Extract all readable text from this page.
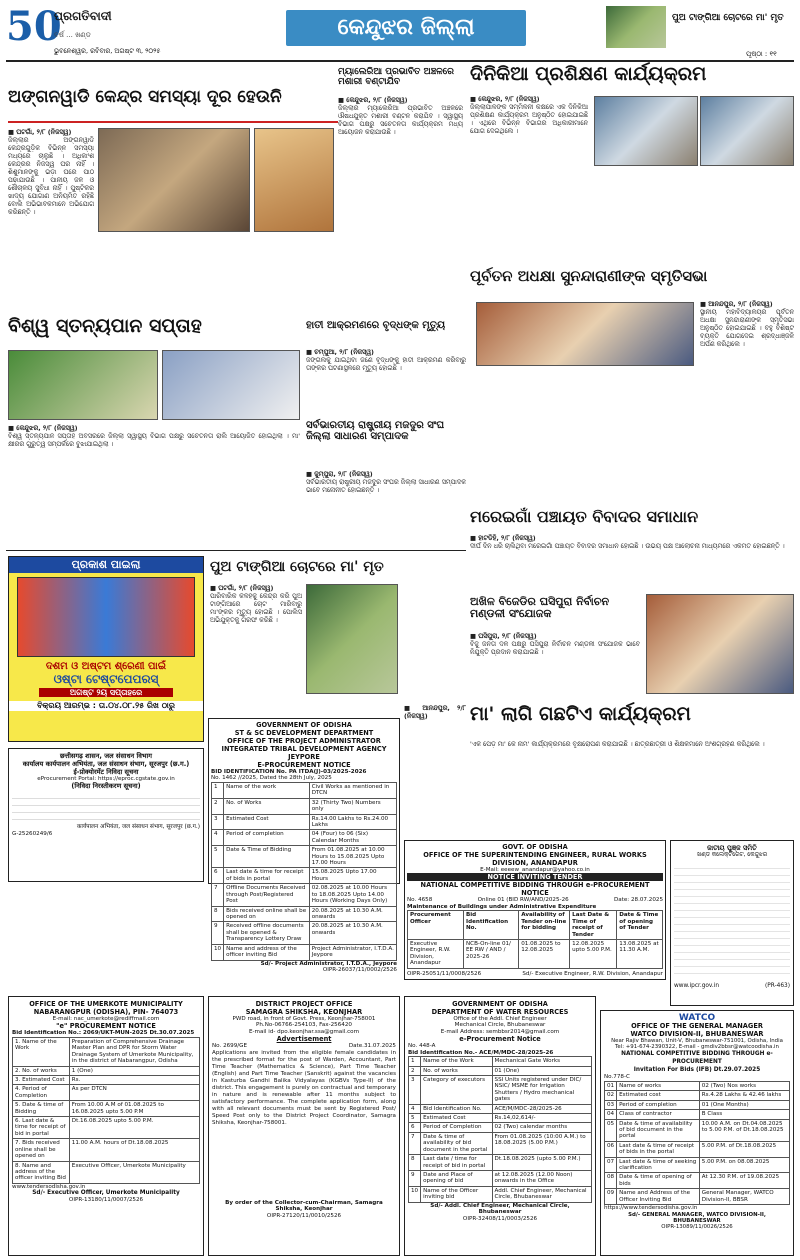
50
ପ୍ରଗତିବାଦୀ
ବର୍ଷ ... ଖଣ୍ଡ
ଭୁବନେଶ୍ୱର, ରବିବାର, ଅଗଷ୍ଟ ୩, ୨୦୨୫
କେନ୍ଦୁଝର ଜିଲ୍ଲା	ପୁଅ ଟାଙ୍ଗିଆ ଚୋଟରେ ମା' ମୃତ
ପୃଷ୍ଠା : ୧୧
ଅଙ୍ଗନୱାଡି କେନ୍ଦ୍ର ସମସ୍ୟା ଦୂର ହେଉନି
■ ଘଟଗାଁ, ୨/୮ (ନିଜସ୍ୱ)
ଜିଲ୍ଲାର ଅଙ୍ଗନୱାଡି କେନ୍ଦ୍ରଗୁଡ଼ିକ ବିଭିନ୍ନ ସମସ୍ୟା ମଧ୍ୟରେ ଚାଲୁଛି । ଅଧିକାଂଶ କେନ୍ଦ୍ରର ନିଜସ୍ୱ ଘର ନାହିଁ । ଶିଶୁମାନଙ୍କୁ ଭଡ଼ା ଘରେ ପାଠ ପଢ଼ାଯାଉଛି । ପାନୀୟ ଜଳ ଓ ଶୌଚାଳୟ ସୁବିଧା ନାହିଁ । ପୁଷ୍ଟିକର ଖାଦ୍ୟ ଯୋଗାଣ ଅନିୟମିତ ରହିଛି ବୋଲି ଅଭିଭାବକମାନେ ଅଭିଯୋଗ କରିଛନ୍ତି ।
ମ୍ୟାଲେରିଆ ପ୍ରଭାବିତ ଅଞ୍ଚଳରେ ମଶାରୀ ବଣ୍ଟାଯିବ
■ କେନ୍ଦୁଝର, ୨/୮ (ନିଜସ୍ୱ)
ଜିଲ୍ଲାର ମ୍ୟାଲେରିଆ ପ୍ରଭାବିତ ଅଞ୍ଚଳରେ ଔଷଧଯୁକ୍ତ ମଶାରୀ ବଣ୍ଟନ କରାଯିବ । ସ୍ୱାସ୍ଥ୍ୟ ବିଭାଗ ପକ୍ଷରୁ ସଚେତନତା କାର୍ଯ୍ୟକ୍ରମ ମଧ୍ୟ ଆୟୋଜନ କରାଯାଉଛି ।
ଦିନିକିଆ ପ୍ରଶିକ୍ଷଣ କାର୍ଯ୍ୟକ୍ରମ
■ କେନ୍ଦୁଝର, ୨/୮ (ନିଜସ୍ୱ)
ଜିଲ୍ଲାପାଳଙ୍କ ସମ୍ମିଳନୀ କକ୍ଷରେ ଏକ ଦିନିକିଆ ପ୍ରଶିକ୍ଷଣ କାର୍ଯ୍ୟକ୍ରମ ଅନୁଷ୍ଠିତ ହୋଇଯାଇଛି । ଏଥିରେ ବିଭିନ୍ନ ବିଭାଗର ଅଧିକାରୀମାନେ ଯୋଗ ଦେଇଥିଲେ ।
ପୂର୍ବତନ ଅଧକ୍ଷା ସୁନନ୍ଦାରାଣୀଙ୍କ ସ୍ମୃତିସଭା
■ ଆନନ୍ଦପୁର, ୨/୮ (ନିଜସ୍ୱ)
ସ୍ଥାନୀୟ ମହାବିଦ୍ୟାଳୟର ପୂର୍ବତନ ଅଧକ୍ଷା ସୁନନ୍ଦାରାଣୀଙ୍କ ସ୍ମୃତିସଭା ଅନୁଷ୍ଠିତ ହୋଇଯାଇଛି । ବହୁ ବିଶିଷ୍ଟ ବ୍ୟକ୍ତି ଯୋଗଦେଇ ଶ୍ରଦ୍ଧାଞ୍ଜଳି ଅର୍ପଣ କରିଥିଲେ ।
ବିଶ୍ୱ ସ୍ତନ୍ୟପାନ ସପ୍ତାହ
■ କେନ୍ଦୁଝର, ୨/୮ (ନିଜସ୍ୱ)
ବିଶ୍ୱ ସ୍ତନ୍ୟପାନ ସପ୍ତାହ ଅବସରରେ ଜିଲ୍ଲା ସ୍ୱାସ୍ଥ୍ୟ ବିଭାଗ ପକ୍ଷରୁ ସଚେତନତା ରାଲି ଆୟୋଜିତ ହୋଇଥିଲା । ମା' କ୍ଷୀରର ଗୁରୁତ୍ୱ ସମ୍ପର୍କରେ ବୁଝାଯାଇଥିଲା ।
ହାତୀ ଆକ୍ରମଣରେ ବୃଦ୍ଧଙ୍କ ମୃତ୍ୟୁ
■ ଚମ୍ପୁଆ, ୨/୮ (ନିଜସ୍ୱ)
ଜଙ୍ଗଲକୁ ଯାଇଥିବା ଜଣେ ବୃଦ୍ଧଙ୍କୁ ହାତୀ ଆକ୍ରମଣ କରିବାରୁ ତାଙ୍କର ଘଟଣାସ୍ଥଳରେ ମୃତ୍ୟୁ ହୋଇଛି ।
ସର୍ବଭାରତୀୟ ରାଷ୍ଟ୍ରୀୟ ମଜଦୁର ସଂଘ ଜିଲ୍ଲା ସାଧାରଣ ସମ୍ପାଦକ
■ ଜୁମ୍ପୁରା, ୨/୮ (ନିଜସ୍ୱ)
ସର୍ବଭାରତୀୟ ରାଷ୍ଟ୍ରୀୟ ମଜଦୁର ସଂଘର ଜିଲ୍ଲା ସାଧାରଣ ସମ୍ପାଦକ ଭାବେ ମନୋନୀତ ହୋଇଛନ୍ତି ।
ମରେଇଗାଁ ପଞ୍ଚାୟତ ବିବାଦର ସମାଧାନ
■ ହାଟଡିହି, ୨/୮ (ନିଜସ୍ୱ)
ଦୀର୍ଘ ଦିନ ଧରି ଚାଲିଥିବା ମରେଇଗାଁ ପଞ୍ଚାୟତ ବିବାଦର ସମାଧାନ ହୋଇଛି । ଉଭୟ ପକ୍ଷ ଆଲୋଚନା ମାଧ୍ୟମରେ ଏକମତ ହୋଇଛନ୍ତି ।
ପ୍ରକାଶ ପାଇଲା
ଦଶମ ଓ ଅଷ୍ଟମ ଶ୍ରେଣୀ ପାଇଁ
ଓଷ୍ଟା ଟେଷ୍ଟପେପରସ୍
ଅଗଷ୍ଟ ୨ୟ ସପ୍ତାହରେ
ବିକ୍ରୟ ଆରମ୍ଭ : ତା.୦୪.୦୮.୨୫ ରିଖ ଠାରୁ
ପୁଅ ଟାଙ୍ଗିଆ ଚୋଟରେ ମା' ମୃତ
■ ଘଟଗାଁ, ୨/୮ (ନିଜସ୍ୱ)
ପାରିବାରିକ କଳହକୁ କେନ୍ଦ୍ର କରି ପୁଅ ଟାଙ୍ଗିଆରେ ଚୋଟ ମାରିବାରୁ ମା'ଙ୍କର ମୃତ୍ୟୁ ହୋଇଛି । ପୋଲିସ ଅଭିଯୁକ୍ତକୁ ଗିରଫ କରିଛି ।
ଅଖିଳ ବିଜେଡିର ଘସିପୁରା ନିର୍ବାଚନ ମଣ୍ଡଳୀ ସଂଯୋଜକ
■ ଘସିପୁରା, ୨/୮ (ନିଜସ୍ୱ)
ବିଜୁ ଜନତା ଦଳ ପକ୍ଷରୁ ଘସିପୁରା ନିର୍ବାଚନ ମଣ୍ଡଳୀ ସଂଯୋଜକ ଭାବେ ନିଯୁକ୍ତି ପ୍ରଦାନ କରାଯାଇଛି ।
ମା' ଲାଗି ଗଛଟିଏ କାର୍ଯ୍ୟକ୍ରମ
■ ଆନନ୍ଦପୁର, ୨/୮ (ନିଜସ୍ୱ)
'ଏକ ପେଡ଼ ମା' କେ ନାମ' କାର୍ଯ୍ୟକ୍ରମରେ ବୃକ୍ଷରୋପଣ କରାଯାଇଛି । ଛାତ୍ରଛାତ୍ରୀ ଓ ଶିକ୍ଷକମାନେ ଅଂଶଗ୍ରହଣ କରିଥିଲେ ।
छत्तीसगढ़ शासन, जल संसाधन विभाग
कार्यालय कार्यपालन अभियंता, जल संसाधन संभाग, सूरजपुर (छ.ग.)
ई-प्रोक्योरमेंट निविदा सूचना
eProcurement Portal: https://eproc.cgstate.gov.in
(निविदा निरस्तीकरण सूचना)
कार्यपालन अभियंता, जल संसाधन संभाग, सूरजपुर (छ.ग.)
G-25260249/6
GOVERNMENT OF ODISHA
ST & SC DEVELOPMENT DEPARTMENT
OFFICE OF THE PROJECT ADMINISTRATOR
INTEGRATED TRIBAL DEVELOPMENT AGENCY
JEYPORE
E-PROCUREMENT NOTICE
BID IDENTIFICATION No. PA ITDA(J)-03/2025-2026
No. 1462 //2025, Dated the 28th July, 2025
1	Name of the work	Civil Works as mentioned in DTCN
2	No. of Works	32 (Thirty Two) Numbers only
3	Estimated Cost	Rs.14.00 Lakhs to Rs.24.00 Lakhs
4	Period of completion	04 (Four) to 06 (Six) Calendar Months
5	Date & Time of Bidding	From 01.08.2025 at 10.00 Hours to 15.08.2025 Upto 17.00 Hours
6	Last date & time for receipt of bids in portal	15.08.2025 Upto 17.00 Hours
7	Offline Documents Received through Post/Registered Post	02.08.2025 at 10.00 Hours to 18.08.2025 Upto 14.00 Hours (Working Days Only)
8	Bids received online shall be opened on	20.08.2025 at 10.30 A.M. onwards
9	Received offline documents shall be opened & Transparency Lottery Draw	20.08.2025 at 10.30 A.M. onwards
10	Name and address of the officer inviting Bid	Project Administrator, I.T.D.A. Jeypore
Sd/- Project Administrator, I.T.D.A., Jeypore
OIPR-26037/11/0002/2526
GOVT. OF ODISHA
OFFICE OF THE SUPERINTENDING ENGINEER, RURAL WORKS DIVISION, ANANDAPUR
E-Mail: eeeew_anandapur@yahoo.co.in
NOTICE INVITING TENDER
NATIONAL COMPETITIVE BIDDING THROUGH e-PROCUREMENT NOTICE
No. 4658	Online 01 (BID RW/AND/2025-26	Date: 28.07.2025
Maintenance of Buildings under Administrative Expenditure
Procurement Officer	Bid Identification No.	Availability of Tender on-line for bidding	Last Date & Time of receipt of Tender	Date & Time of opening of Tender
Executive Engineer, R.W. Division, Anandapur	NCB-On-line 01/ EE RW / AND / 2025-26	01.08.2025 to 12.08.2025	12.08.2025 upto 5.00 P.M.	13.08.2025 at 11.30 A.M.
OIPR-25051/11/0008/2526	Sd/- Executive Engineer, R.W. Division, Anandapur
ଜାତୀୟ ପୁଞ୍ଜ ସମିତି
ଖଣ୍ଡ କଲେକ୍ଟରେଟ, କେନ୍ଦୁଝର
www.ipcr.gov.in	(PR-463)
OFFICE OF THE UMERKOTE MUNICIPALITY
NABARANGPUR (ODISHA), PIN- 764073
E-mail: nac_umerkote@rediffmail.com
"e" PROCUREMENT NOTICE
Bid Identification No.: 2069/UKT-MUN-2025 Dt.30.07.2025
1. Name of the Work	Preparation of Comprehensive Drainage Master Plan and DPR for Storm Water Drainage System of Umerkote Municipality, in the district of Nabarangpur, Odisha
2. No. of works	1 (One)
3. Estimated Cost	Rs.
4. Period of Completion	As per DTCN
5. Date & time of Bidding	From 10.00 A.M of 01.08.2025 to 16.08.2025 upto 5.00 P.M
6. Last date & time for receipt of bid in portal	Dt.16.08.2025 upto 5.00 P.M.
7. Bids received online shall be opened on	11.00 A.M. hours of Dt.18.08.2025
8. Name and address of the officer inviting Bid	Executive Officer, Umerkote Municipality
www.tendersodisha.gov.in
Sd/- Executive Officer, Umerkote Municipality
OIPR-13180/11/0007/2526
DISTRICT PROJECT OFFICE
SAMAGRA SHIKSHA, KEONJHAR
PWD road, in front of Govt. Press, Keonjhar-758001
Ph.No-06766-254103, Fax-256420
E-mail id- dpo.keonjhar.ssa@gmail.com
Advertisement
No. 2699/GE	Date.31.07.2025
Applications are invited from the eligible female candidates in the prescribed format for the post of Warden, Accountant, Part Time Teacher (Mathematics & Science), Part Time Teacher (English) and Part Time Teacher (Sanskrit) against the vacancies in Kasturba Gandhi Balika Vidyalayas (KGBVs Type-II) of the district. This engagement is purely on contractual and temporary in nature and is renewable after 11 months subject to satisfactory performance. The complete application form, along with all relevant documents must be sent by Registered Post/ Speed Post only to the District Project Coordinator, Samagra Shiksha, Keonjhar-758001.
By order of the Collector-cum-Chairman, Samagra Shiksha, Keonjhar
OIPR-27120/11/0010/2526
GOVERNMENT OF ODISHA
DEPARTMENT OF WATER RESOURCES
Office of the Addl. Chief Engineer
Mechanical Circle, Bhubaneswar
E-mail Address: sembbsr2014@gmail.com
e-Procurement Notice
No. 448-A
Bid Identification No.- ACE/M/MDC-28/2025-26
1	Name of the Work	Mechanical Gate Works
2	No. of works	01 (One)
3	Category of executors	SSI Units registered under DIC/ NSIC/ MSME for Irrigation Shutters / Hydro mechanical gates
4	Bid Identification No.	ACE/M/MDC-28/2025-26
5	Estimated Cost	Rs.14,02,614/-
6	Period of Completion	02 (Two) calendar months
7	Date & time of availability of bid document in the portal	From 01.08.2025 (10:00 A.M.) to 18.08.2025 (5.00 P.M.)
8	Last date / time for receipt of bid in portal	Dt.18.08.2025 (upto 5.00 P.M.)
9	Date and Place of opening of bid	at 12.08.2025 (12.00 Noon) onwards in the Office
10	Name of the Officer inviting bid	Addl. Chief Engineer, Mechanical Circle, Bhubaneswar
Sd/- Addl. Chief Engineer, Mechanical Circle, Bhubaneswar
OIPR-32408/11/0003/2526
WATCO
OFFICE OF THE GENERAL MANAGER
WATCO DIVISION-II, BHUBANESWAR
Near Rajiv Bhawan, Unit-V, Bhubaneswar-751001, Odisha, India
Tel: +91-674-2390322, E-mail - gmdiv2bbsr@watcoodisha.in
NATIONAL COMPETITIVE BIDDING THROUGH e-PROCUREMENT
Invitation For Bids (IFB) Dt.29.07.2025
No.778-C
01	Name of works	02 (Two) Nos works
02	Estimated cost	Rs.4.28 Lakhs & 42.46 lakhs
03	Period of completion	01 (One Months)
04	Class of contractor	B Class
05	Date & time of availability of bid document in the portal	10.00 A.M. on Dt.04.08.2025 to 5.00 P.M. of Dt.18.08.2025
06	Last date & time of receipt of bids in the portal	5.00 P.M. of Dt.18.08.2025
07	Last date & time of seeking clarification	5.00 P.M. on 08.08.2025
08	Date & time of opening of bids	At 12.30 P.M. of 19.08.2025
09	Name and Address of the Officer Inviting Bid	General Manager, WATCO Division-II, BBSR
https://www.tendersodisha.gov.in
Sd/- GENERAL MANAGER, WATCO DIVISION-II, BHUBANESWAR
OIPR-13089/11/0026/2526
